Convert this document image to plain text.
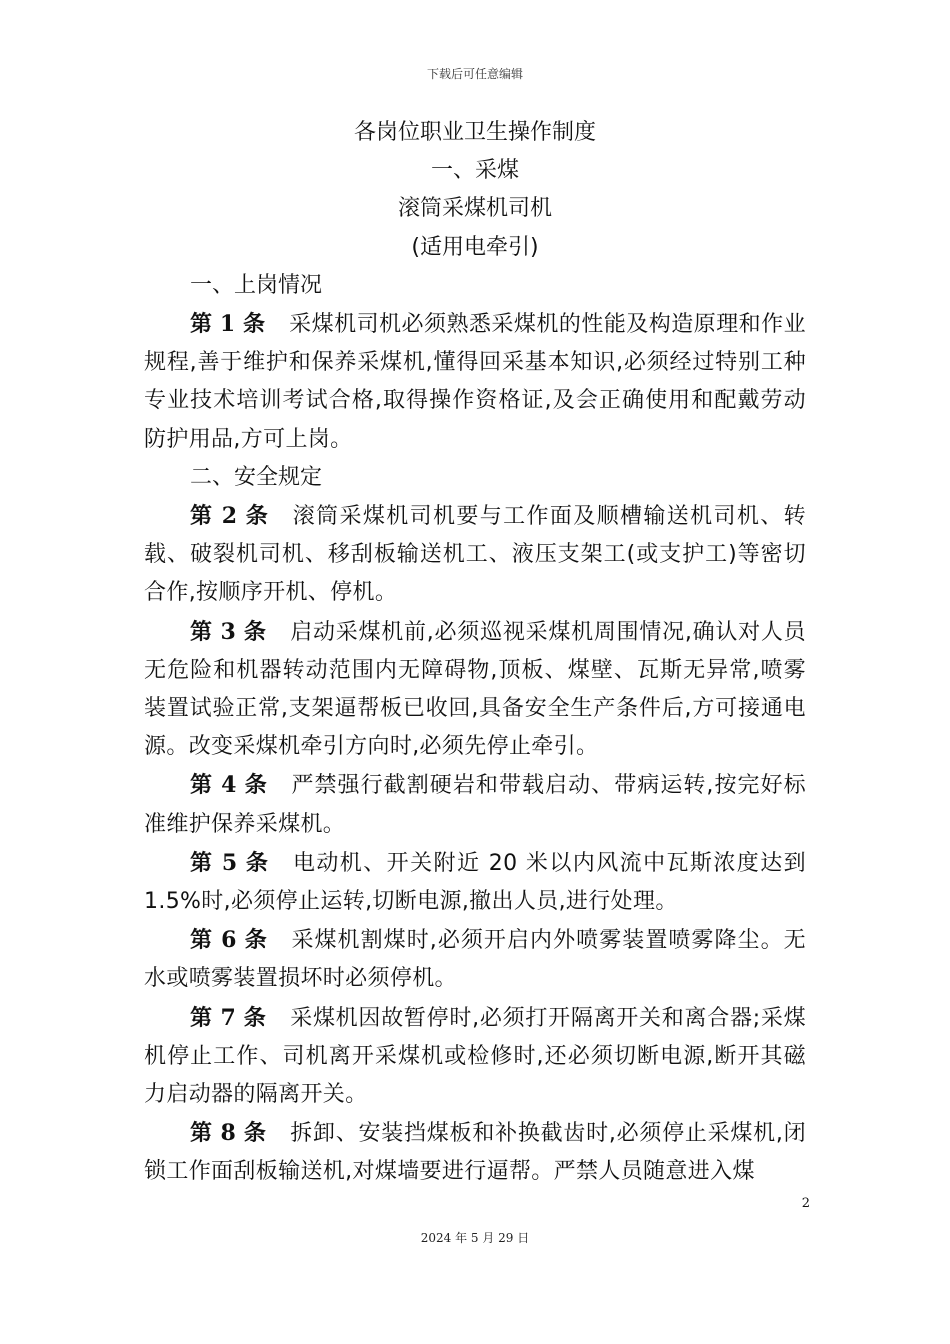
下载后可任意编辑

各岗位职业卫生操作制度

一、采煤

滚筒采煤机司机

(适用电牵引)

一、上岗情况

第 1 条 采煤机司机必须熟悉采煤机的性能及构造原理和作业规程,善于维护和保养采煤机,懂得回采基本知识,必须经过特别工种专业技术培训考试合格,取得操作资格证,及会正确使用和配戴劳动防护用品,方可上岗。

二、安全规定

第 2 条 滚筒采煤机司机要与工作面及顺槽输送机司机、转载、破裂机司机、移刮板输送机工、液压支架工(或支护工)等密切合作,按顺序开机、停机。

第 3 条 启动采煤机前,必须巡视采煤机周围情况,确认对人员无危险和机器转动范围内无障碍物,顶板、煤壁、瓦斯无异常,喷雾装置试验正常,支架逼帮板已收回,具备安全生产条件后,方可接通电源。改变采煤机牵引方向时,必须先停止牵引。

第 4 条 严禁强行截割硬岩和带载启动、带病运转,按完好标准维护保养采煤机。

第 5 条 电动机、开关附近 20 米以内风流中瓦斯浓度达到 1.5%时,必须停止运转,切断电源,撤出人员,进行处理。

第 6 条 采煤机割煤时,必须开启内外喷雾装置喷雾降尘。无水或喷雾装置损坏时必须停机。

第 7 条 采煤机因故暂停时,必须打开隔离开关和离合器;采煤机停止工作、司机离开采煤机或检修时,还必须切断电源,断开其磁力启动器的隔离开关。

第 8 条 拆卸、安装挡煤板和补换截齿时,必须停止采煤机,闭锁工作面刮板输送机,对煤墙要进行逼帮。严禁人员随意进入煤

2
2024 年 5 月 29 日
